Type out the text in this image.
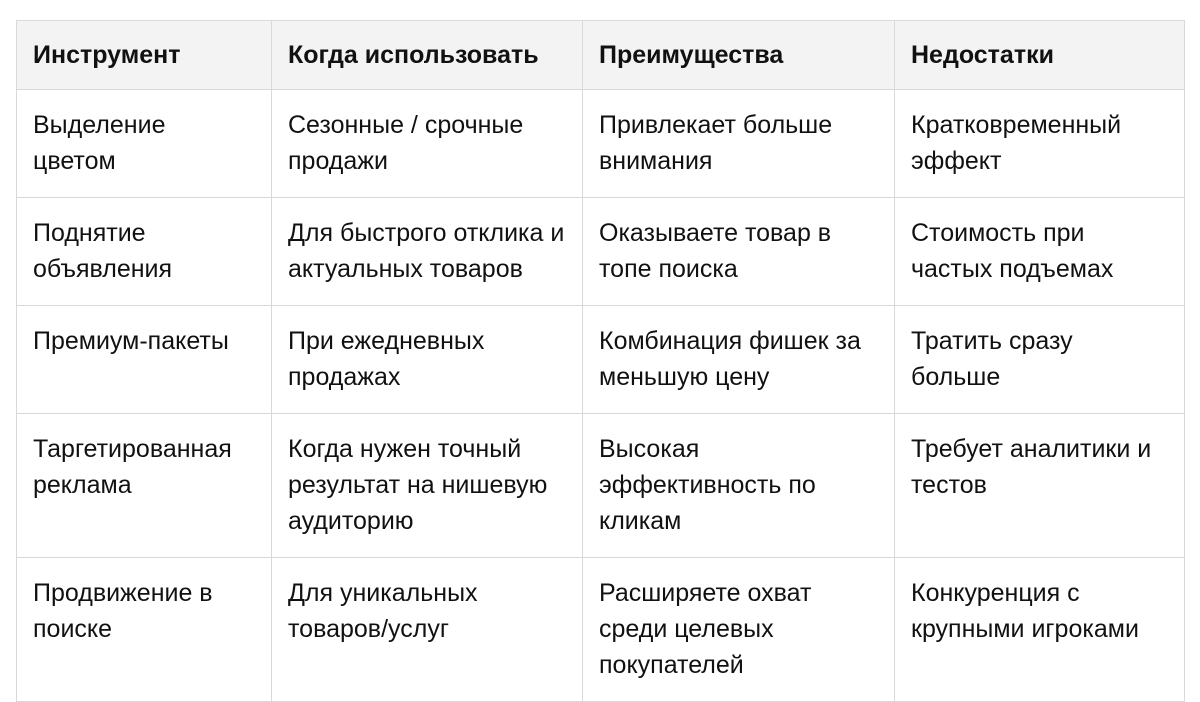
Инструмент	Когда использовать	Преимущества	Недостатки
Выделение цветом	Сезонные / срочные продажи	Привлекает больше внимания	Кратковременный эффект
Поднятие объявления	Для быстрого отклика и актуальных товаров	Оказываете товар в топе поиска	Стоимость при частых подъемах
Премиум-пакеты	При ежедневных продажах	Комбинация фишек за меньшую цену	Тратить сразу больше
Таргетированная реклама	Когда нужен точный результат на нишевую аудиторию	Высокая эффективность по кликам	Требует аналитики и тестов
Продвижение в поиске	Для уникальных товаров/услуг	Расширяете охват среди целевых покупателей	Конкуренция с крупными игроками
